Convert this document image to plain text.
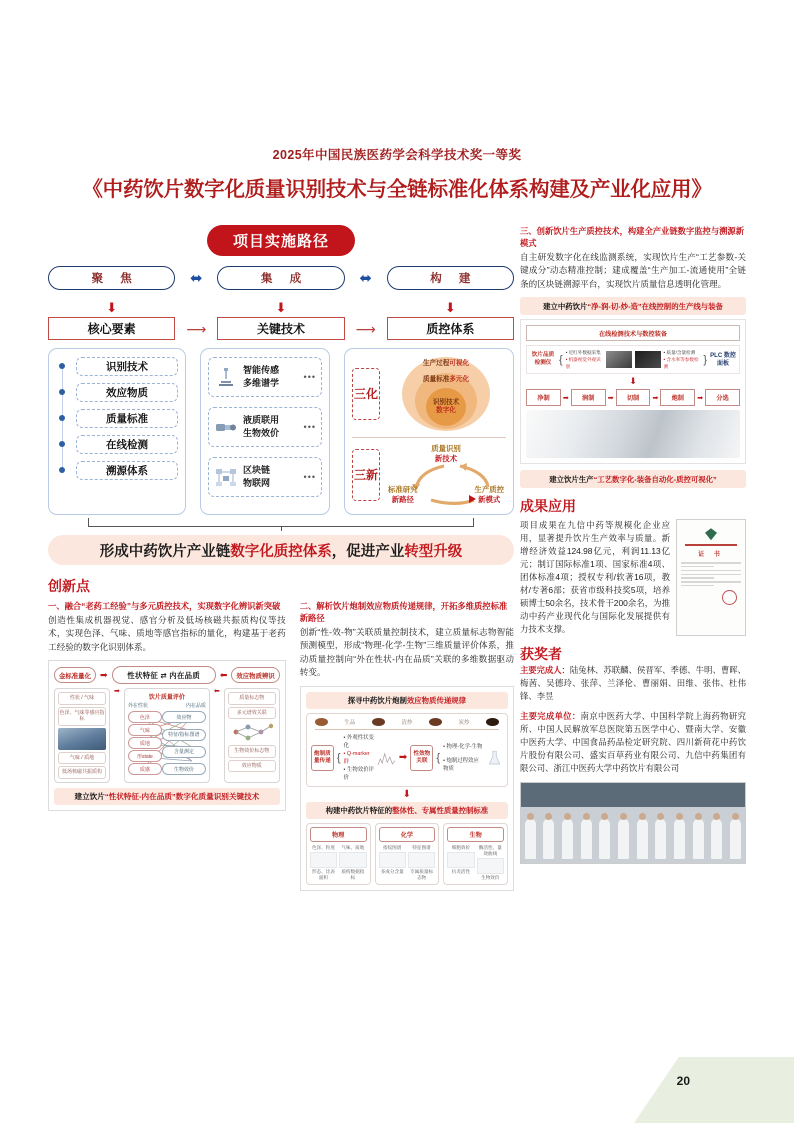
2025年中国民族医药学会科学技术奖一等奖
《中药饮片数字化质量识别技术与全链标准化体系构建及产业化应用》
项目实施路径
聚 焦	⬌	集 成	⬌	构 建
⬇	⬇	⬇
核心要素	⟶	关键技术	⟶	质控体系
识别技术
效应物质
质量标准
在线检测
溯源体系
智能传感
多维谱学
•••
液质联用
生物效价
•••
区块链
物联网
•••
三化
生产过程可视化
质量标准多元化
识别技术
数字化
三新
质量识别
新技术
标准研究
新路径
生产质控
新模式
形成中药饮片产业链 数字化质控体系 ，促进产业 转型升级
创新点
一、融合“老药工经验”与多元质控技术，实现数字化辨识新突破
创造性集成机器视觉、感官分析及低场核磁共振质构仪等技术，实现色泽、气味、质地等感官指标的量化，构建基于老药工经验的数字化识别体系。
金标准量化	➡	性状特征 ⇄ 内在品质	⬅	效应物质辨识
性状 / 气味
色泽、气味等感官指标
气味 / 质地
低场核磁共振质构
➡
饮片质量评价
外在性状	内在品质
色泽
气味
质地
形state
质感
效应物
特征/指标图谱
含量测定
生物效价
⬅
质量标志物
多元谱效关联
生物效价标志物
效应物质
建立饮片“性状特征-内在品质”数字化质量识别关键技术
二、解析饮片炮制效应物质传递规律，开拓多维质控标准新路径
创新“性-效-物”关联质量控制技术，建立质量标志物智能预测模型，形成“物理-化学-生物”三维质量评价体系，推动质量控制向“外在性状-内在品质”关联的多维数据驱动转变。
探寻中药饮片炮制效应物质传递规律
生品	清炒	炭炒
炮制质量传递 {
• 外观性状变化
• Q-marker群
• 生物效价评价
➡	性效物关联 {
• 物理-化学-生物
• 炮制过程效应物质
⬇
构建中药饮片特征的整体性、专属性质量控制标准
物理
色泽、粒度
形态、比表面积
气味、质地
质构数据指标
化学
指纹图谱
多成分含量
特征图谱
专属质量标志物
生物
细胞效价
抗炎活性
酶活性、量效曲线
生物效价
三、创新饮片生产质控技术，构建全产业链数字监控与溯源新模式
自主研发数字化在线监测系统，实现饮片生产“工艺参数-关键成分”动态精准控制；建成覆盖“生产加工-流通使用”全链条的区块链溯源平台，实现饮片质量信息透明化管理。
建立中药饮片“净-润-切-炒-造”在线控制的生产线与装备
在线检测技术与数控装备
饮片品质检测仪 {
• 近红外数据采集
• 机器视觉外观识别
• 质量/含量检测
• 含水率等参数检测
} PLC 数控面板
⬇
净制	➡	润制	➡	切制	➡	炮制	➡	分选
建立饮片生产“工艺数字化-装备自动化-质控可视化”
成果应用
项目成果在九信中药等规模化企业应用，显著提升饮片生产效率与质量。新增经济效益124.98亿元，利润11.13亿元；制订国际标准1项、国家标准4项、团体标准4项；授权专利/软著16项，教材/专著6部；获省市级科技奖5项，培养硕博士50余名，技术骨干200余名，为推动中药产业现代化与国际化发展提供有力技术支撑。
证 书
获奖者
主要完成人：陆兔林、苏联麟、侯晋军、季德、牛明、曹晖、梅茜、吴德玲、张萍、兰泽伦、曹丽娟、田维、张伟、杜伟锋、李昱
主要完成单位：南京中医药大学、中国科学院上海药物研究所、中国人民解放军总医院第五医学中心、暨南大学、安徽中医药大学、中国食品药品检定研究院、四川新荷花中药饮片股份有限公司、盛实百草药业有限公司、九信中药集团有限公司、浙江中医药大学中药饮片有限公司
20
